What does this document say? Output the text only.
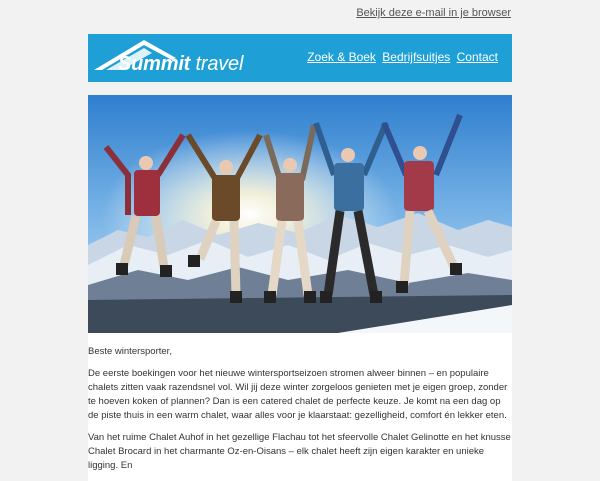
Bekijk deze e-mail in je browser
Summit travel	Zoek & Boek Bedrijfsuitjes Contact

Beste wintersporter,

De eerste boekingen voor het nieuwe wintersportseizoen stromen alweer binnen – en populaire chalets zitten vaak razendsnel vol. Wil jij deze winter zorgeloos genieten met je eigen groep, zonder te hoeven koken of plannen? Dan is een catered chalet de perfecte keuze. Je komt na een dag op de piste thuis in een warm chalet, waar alles voor je klaarstaat: gezelligheid, comfort én lekker eten.

Van het ruime Chalet Auhof in het gezellige Flachau tot het sfeervolle Chalet Gelinotte en het knusse Chalet Brocard in het charmante Oz-en-Oisans – elk chalet heeft zijn eigen karakter en unieke ligging. En
